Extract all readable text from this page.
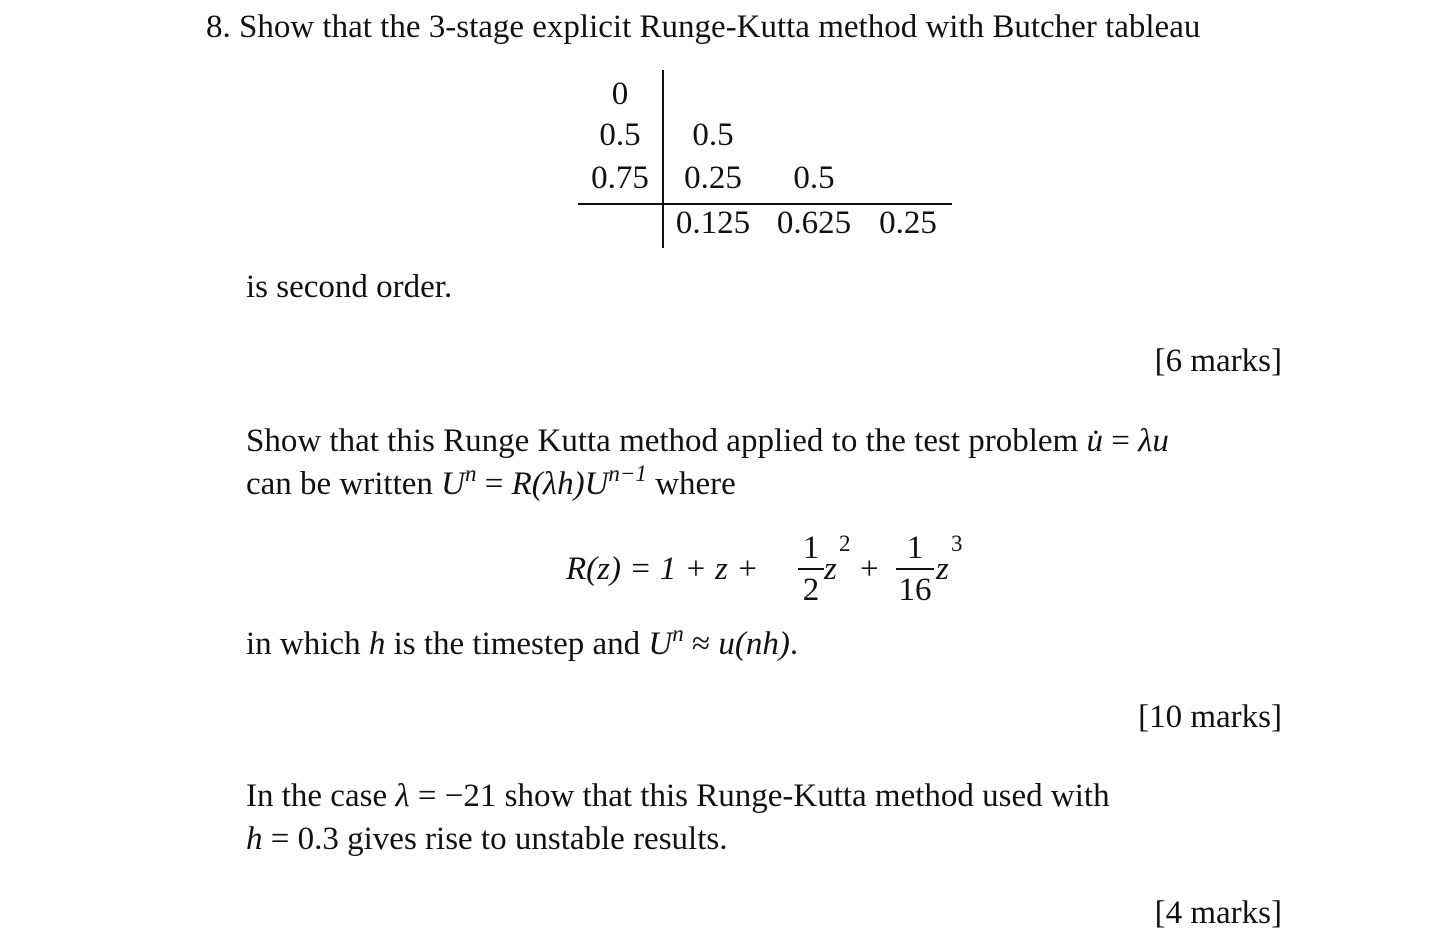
8. Show that the 3-stage explicit Runge-Kutta method with Butcher tableau
0
0.5
0.75
0.5
0.25	0.5
0.125 0.625 0.25
is second order.
[6 marks]
Show that this Runge Kutta method applied to the test problem u̇ = λu
can be written $U^n = R(\lambda h)U^{n-1}$ where
R(z) = 1 + z +
1
2
z
2
+
1
16
z
3
in which h is the timestep and $U^n \approx u(nh)$.
[10 marks]
In the case λ = −21 show that this Runge-Kutta method used with
h = 0.3 gives rise to unstable results.
[4 marks]
